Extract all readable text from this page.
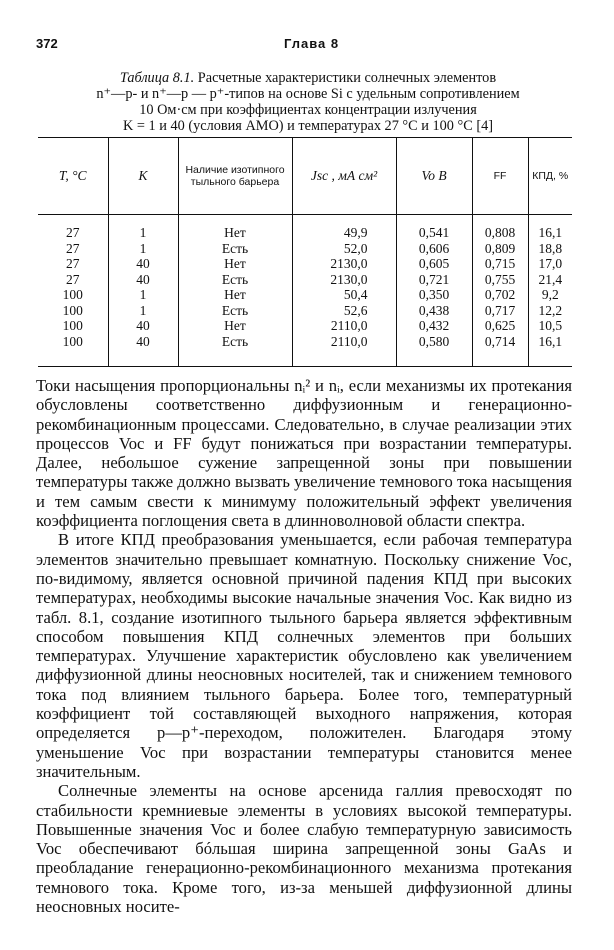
372	Глава 8
Таблица 8.1. Расчетные характеристики солнечных элементов
n⁺—p- и n⁺—p — p⁺-типов на основе Si с удельным сопротивлением
10 Ом·см при коэффициентах концентрации излучения
K = 1 и 40 (условия АМО) и температурах 27 °C и 100 °C [4]
T, °C	K	Наличие изотипного тыльного барьера	Jsc , мА см²	Vo В	FF	КПД, %

27	1	Нет	49,9	0,541	0,808	16,1
27	1	Есть	52,0	0,606	0,809	18,8
27	40	Нет	2130,0	0,605	0,715	17,0
27	40	Есть	2130,0	0,721	0,755	21,4
100	1	Нет	50,4	0,350	0,702	9,2
100	1	Есть	52,6	0,438	0,717	12,2
100	40	Нет	2110,0	0,432	0,625	10,5
100	40	Есть	2110,0	0,580	0,714	16,1

Токи насыщения пропорциональны nᵢ² и nᵢ, если механизмы их протекания обусловлены соответственно диффузионным и генерационно-рекомбинационным процессами. Следовательно, в случае реализации этих процессов Voc и FF будут понижаться при возрастании температуры. Далее, небольшое сужение запрещенной зоны при повышении температуры также должно вызвать увеличение темнового тока насыщения и тем самым свести к минимуму положительный эффект увеличения коэффициента поглощения света в длинноволновой области спектра.

В итоге КПД преобразования уменьшается, если рабочая температура элементов значительно превышает комнатную. Поскольку снижение Voc, по-видимому, является основной причиной падения КПД при высоких температурах, необходимы высокие начальные значения Voc. Как видно из табл. 8.1, создание изотипного тыльного барьера является эффективным способом повышения КПД солнечных элементов при больших температурах. Улучшение характеристик обусловлено как увеличением диффузионной длины неосновных носителей, так и снижением темнового тока под влиянием тыльного барьера. Более того, температурный коэффициент той составляющей выходного напряжения, которая определяется p—p⁺-переходом, положителен. Благодаря этому уменьшение Voc при возрастании температуры становится менее значительным.

Солнечные элементы на основе арсенида галлия превосходят по стабильности кремниевые элементы в условиях высокой температуры. Повышенные значения Voc и более слабую температурную зависимость Voc обеспечивают бóльшая ширина запрещенной зоны GaAs и преобладание генерационно-рекомбинационного механизма протекания темнового тока. Кроме того, из-за меньшей диффузионной длины неосновных носите-
